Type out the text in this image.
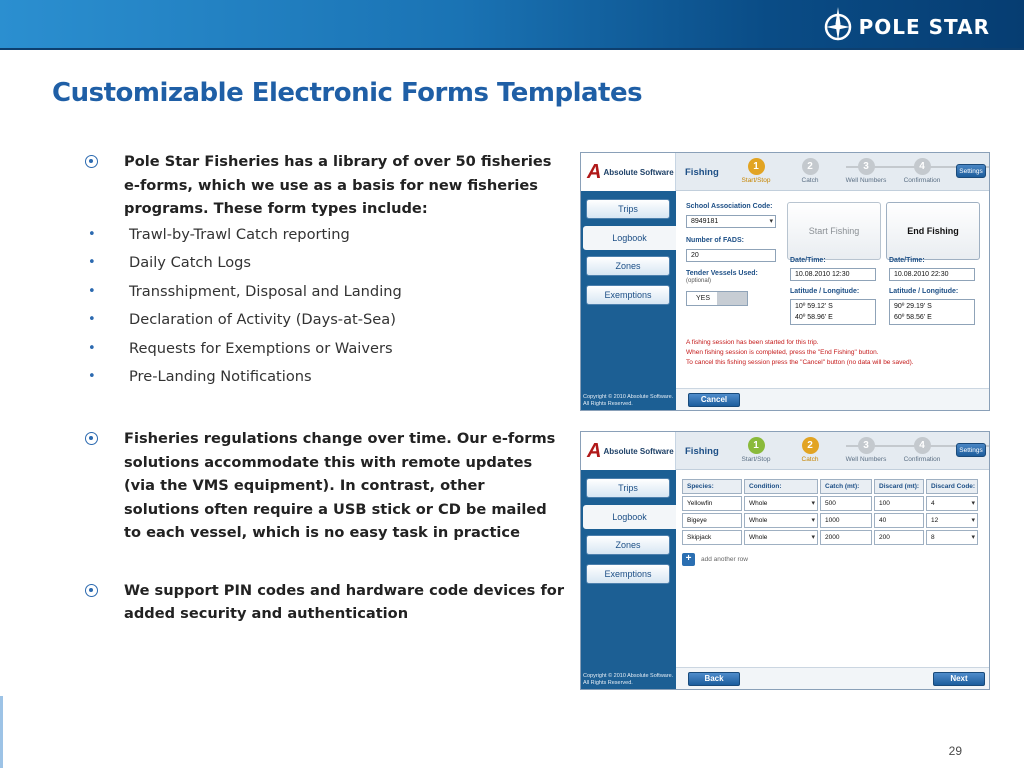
POLE STAR
Customizable Electronic Forms Templates
Pole Star Fisheries has a library of over 50 fisheries e-forms, which we use as a basis for new fisheries programs. These form types include:
• Trawl-by-Trawl Catch reporting
• Daily Catch Logs
• Transshipment, Disposal and Landing
• Declaration of Activity (Days-at-Sea)
• Requests for Exemptions or Waivers
• Pre-Landing Notifications
Fisheries regulations change over time. Our e-forms solutions accommodate this with remote updates (via the VMS equipment). In contrast, other solutions often require a USB stick or CD be mailed to each vessel, which is no easy task in practice
We support PIN codes and hardware code devices for added security and authentication
A Absolute Software
Trips
Logbook
Zones
Exemptions
Copyright © 2010 Absolute Software. All Rights Reserved.
Fishing
1
Start/Stop
2
Catch
3
Well Numbers
4
Confirmation
Settings
School Association Code:
8949181	▾
Number of FADS:
20
Tender Vessels Used:
(optional)
YES
Start Fishing	End Fishing
Date/Time:
10.08.2010 12:30
Date/Time:
10.08.2010 22:30
Latitude / Longitude:
10º 59.12' S
40º 58.96' E
Latitude / Longitude:
90º 29.19' S
60º 58.56' E
A fishing session has been started for this trip.
When fishing session is completed, press the "End Fishing" button.
To cancel this fishing session press the "Cancel" button (no data will be saved).
Cancel
A Absolute Software
Trips
Logbook
Zones
Exemptions
Copyright © 2010 Absolute Software. All Rights Reserved.
Fishing
1
Start/Stop
2
Catch
3
Well Numbers
4
Confirmation
Settings
Species:	Condition:	Catch (mt):	Discard (mt):	Discard Code:
Yellowfin	Whole	▾	500	100	4	▾
Bigeye	Whole	▾	1000	40	12	▾
Skipjack	Whole	▾	2000	200	8	▾
+	add another row
Back	Next
29
